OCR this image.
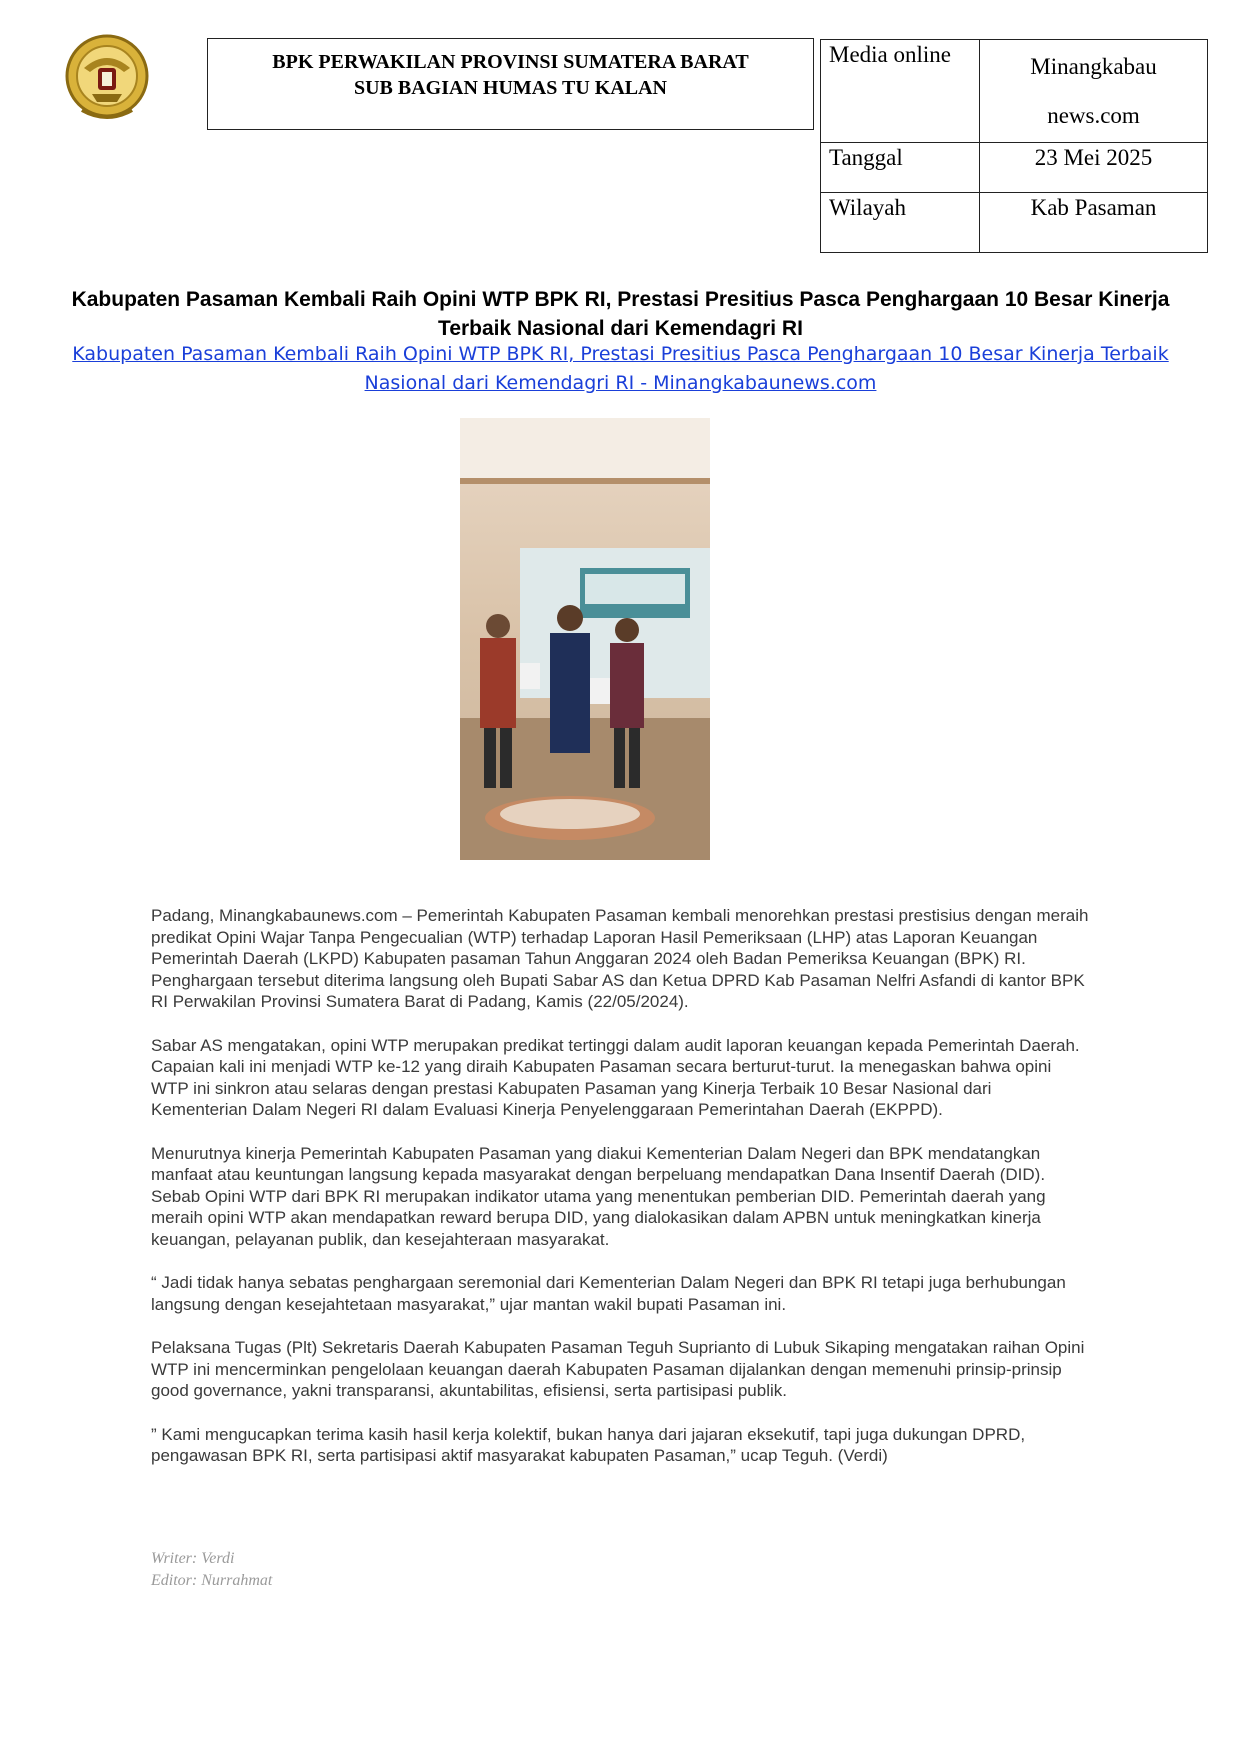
BPK PERWAKILAN PROVINSI SUMATERA BARAT
SUB BAGIAN HUMAS TU KALAN
Media online	Minangkabau news.com
Tanggal	23 Mei 2025
Wilayah	Kab Pasaman
Kabupaten Pasaman Kembali Raih Opini WTP BPK RI, Prestasi Presitius Pasca Penghargaan 10 Besar Kinerja Terbaik Nasional dari Kemendagri RI
Kabupaten Pasaman Kembali Raih Opini WTP BPK RI, Prestasi Presitius Pasca Penghargaan 10 Besar Kinerja Terbaik Nasional dari Kemendagri RI - Minangkabaunews.com

Padang, Minangkabaunews.com – Pemerintah Kabupaten Pasaman kembali menorehkan prestasi prestisius dengan meraih predikat Opini Wajar Tanpa Pengecualian (WTP) terhadap Laporan Hasil Pemeriksaan (LHP) atas Laporan Keuangan Pemerintah Daerah (LKPD) Kabupaten pasaman Tahun Anggaran 2024 oleh Badan Pemeriksa Keuangan (BPK) RI. Penghargaan tersebut diterima langsung oleh Bupati Sabar AS dan Ketua DPRD Kab Pasaman Nelfri Asfandi di kantor BPK RI Perwakilan Provinsi Sumatera Barat di Padang, Kamis (22/05/2024).

Sabar AS mengatakan, opini WTP merupakan predikat tertinggi dalam audit laporan keuangan kepada Pemerintah Daerah. Capaian kali ini menjadi WTP ke-12 yang diraih Kabupaten Pasaman secara berturut-turut. Ia menegaskan bahwa opini WTP ini sinkron atau selaras dengan prestasi Kabupaten Pasaman yang Kinerja Terbaik 10 Besar Nasional dari Kementerian Dalam Negeri RI dalam Evaluasi Kinerja Penyelenggaraan Pemerintahan Daerah (EKPPD).

Menurutnya kinerja Pemerintah Kabupaten Pasaman yang diakui Kementerian Dalam Negeri dan BPK mendatangkan manfaat atau keuntungan langsung kepada masyarakat dengan berpeluang mendapatkan Dana Insentif Daerah (DID). Sebab Opini WTP dari BPK RI merupakan indikator utama yang menentukan pemberian DID. Pemerintah daerah yang meraih opini WTP akan mendapatkan reward berupa DID, yang dialokasikan dalam APBN untuk meningkatkan kinerja keuangan, pelayanan publik, dan kesejahteraan masyarakat.

“ Jadi tidak hanya sebatas penghargaan seremonial dari Kementerian Dalam Negeri dan BPK RI tetapi juga berhubungan langsung dengan kesejahtetaan masyarakat,” ujar mantan wakil bupati Pasaman ini.

Pelaksana Tugas (Plt) Sekretaris Daerah Kabupaten Pasaman Teguh Suprianto di Lubuk Sikaping mengatakan raihan Opini WTP ini mencerminkan pengelolaan keuangan daerah Kabupaten Pasaman dijalankan dengan memenuhi prinsip-prinsip good governance, yakni transparansi, akuntabilitas, efisiensi, serta partisipasi publik.

” Kami mengucapkan terima kasih hasil kerja kolektif, bukan hanya dari jajaran eksekutif, tapi juga dukungan DPRD, pengawasan BPK RI, serta partisipasi aktif masyarakat kabupaten Pasaman,” ucap Teguh. (Verdi)

Writer: Verdi
Editor: Nurrahmat
